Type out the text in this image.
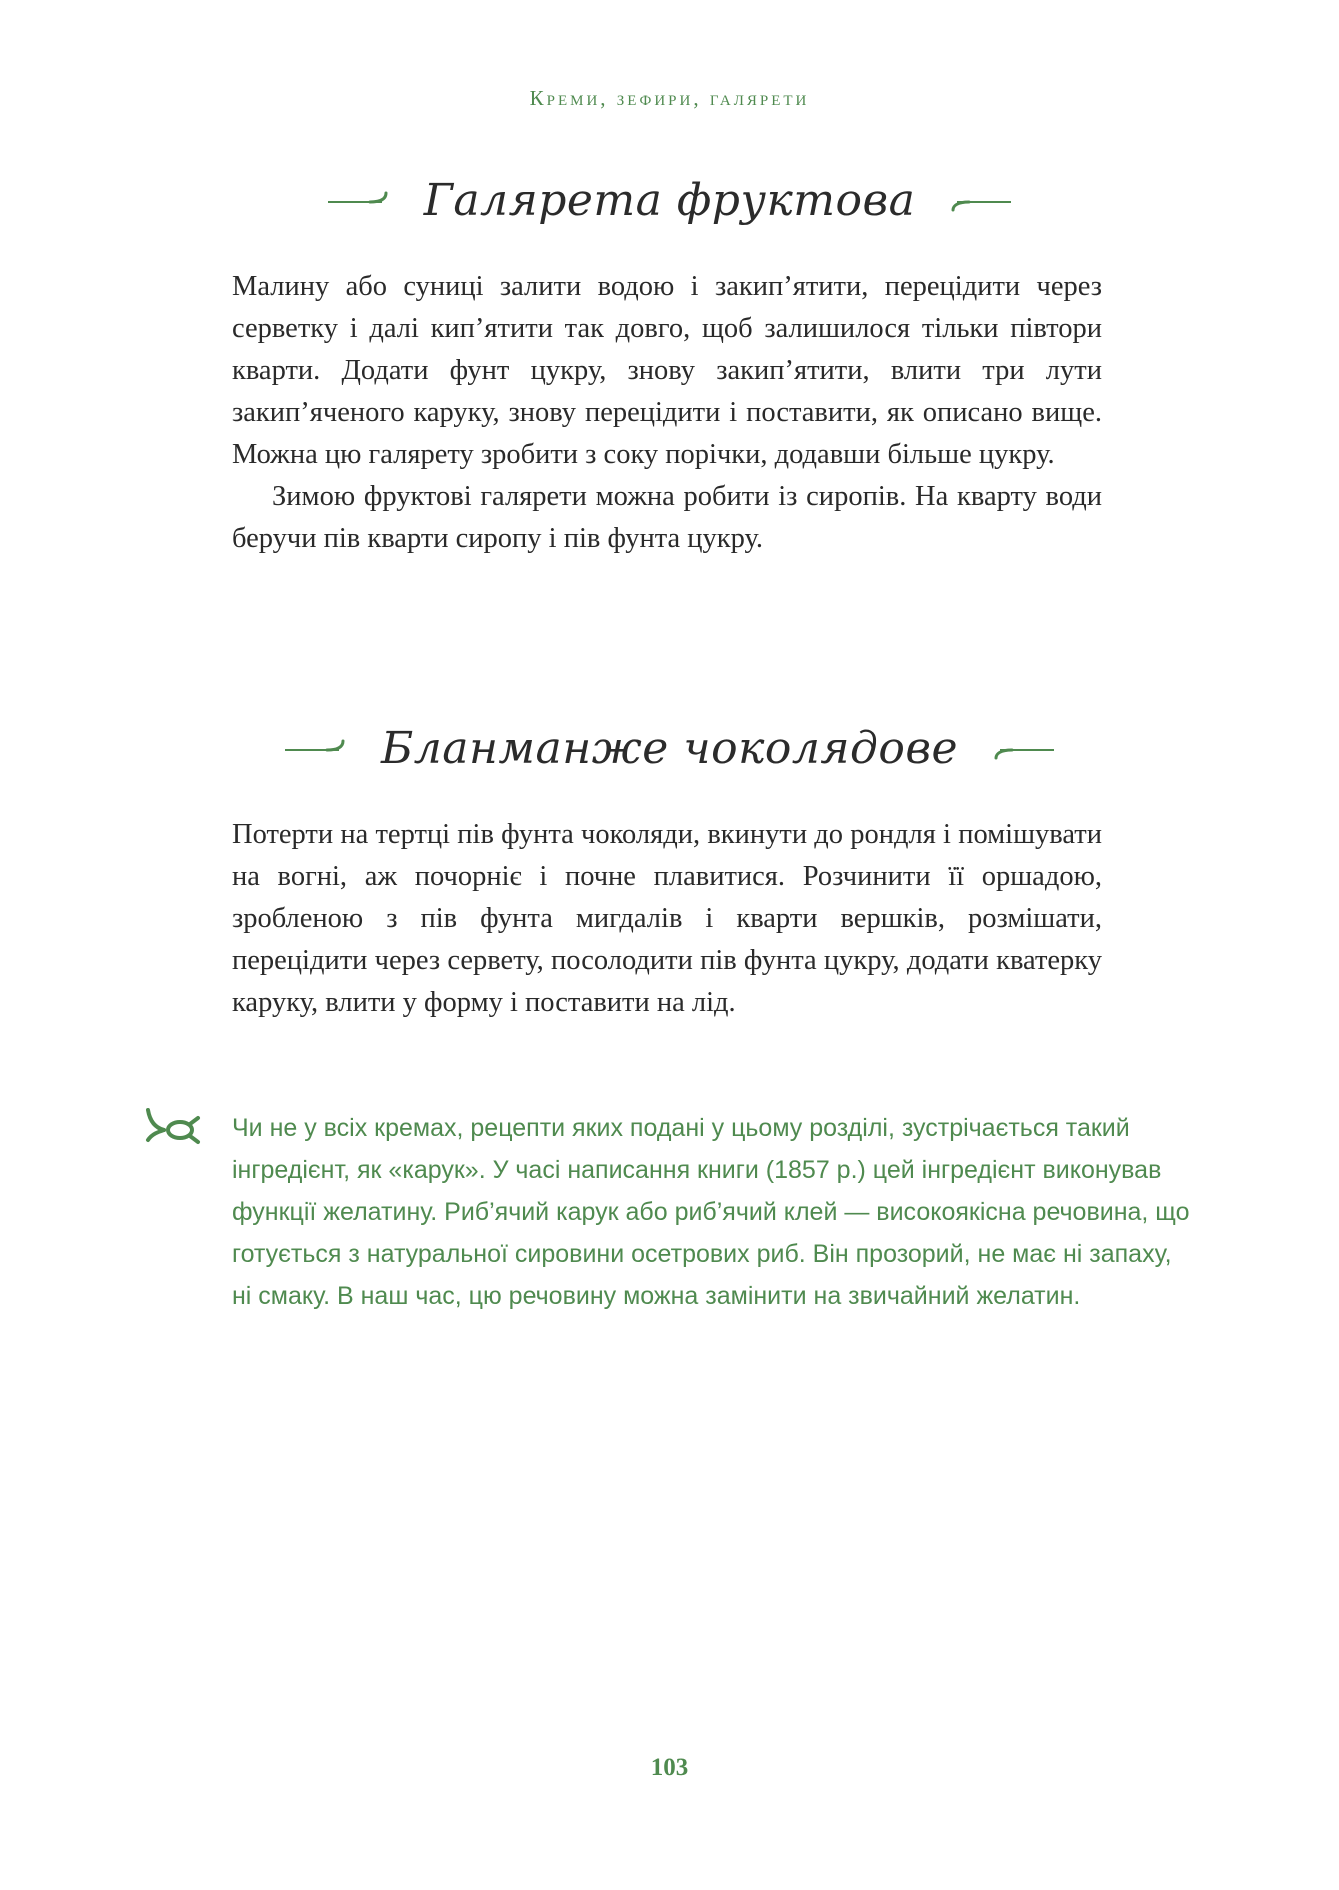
Креми, зефири, галярети
Галярета фруктова

Малину або суниці залити водою і закип’ятити, перецідити через серветку і далі кип’ятити так довго, щоб залишилося тільки півтори кварти. Додати фунт цукру, знову закип’ятити, влити три лути закип’яченого каруку, знову перецідити і поставити, як описано вище. Можна цю галярету зробити з соку порічки, додавши більше цукру.

Зимою фруктові галярети можна робити із сиропів. На кварту води беручи пів кварти сиропу і пів фунта цукру.

Бланманже чоколядове

Потерти на тертці пів фунта чоколяди, вкинути до рондля і помішувати на вогні, аж почорніє і почне плавитися. Розчинити її оршадою, зробленою з пів фунта мигдалів і кварти вершків, розмішати, перецідити через сервету, посолодити пів фунта цукру, додати кватерку каруку, влити у форму і поставити на лід.

Чи не у всіх кремах, рецепти яких подані у цьому розділі, зустрічається такий інгредієнт, як «карук». У часі написання книги (1857 р.) цей інгредієнт виконував функції желатину. Риб’ячий карук або риб’ячий клей — високоякісна речовина, що готується з натуральної сировини осетрових риб. Він прозорий, не має ні запаху, ні смаку. В наш час, цю речовину можна замінити на звичайний желатин.
103
